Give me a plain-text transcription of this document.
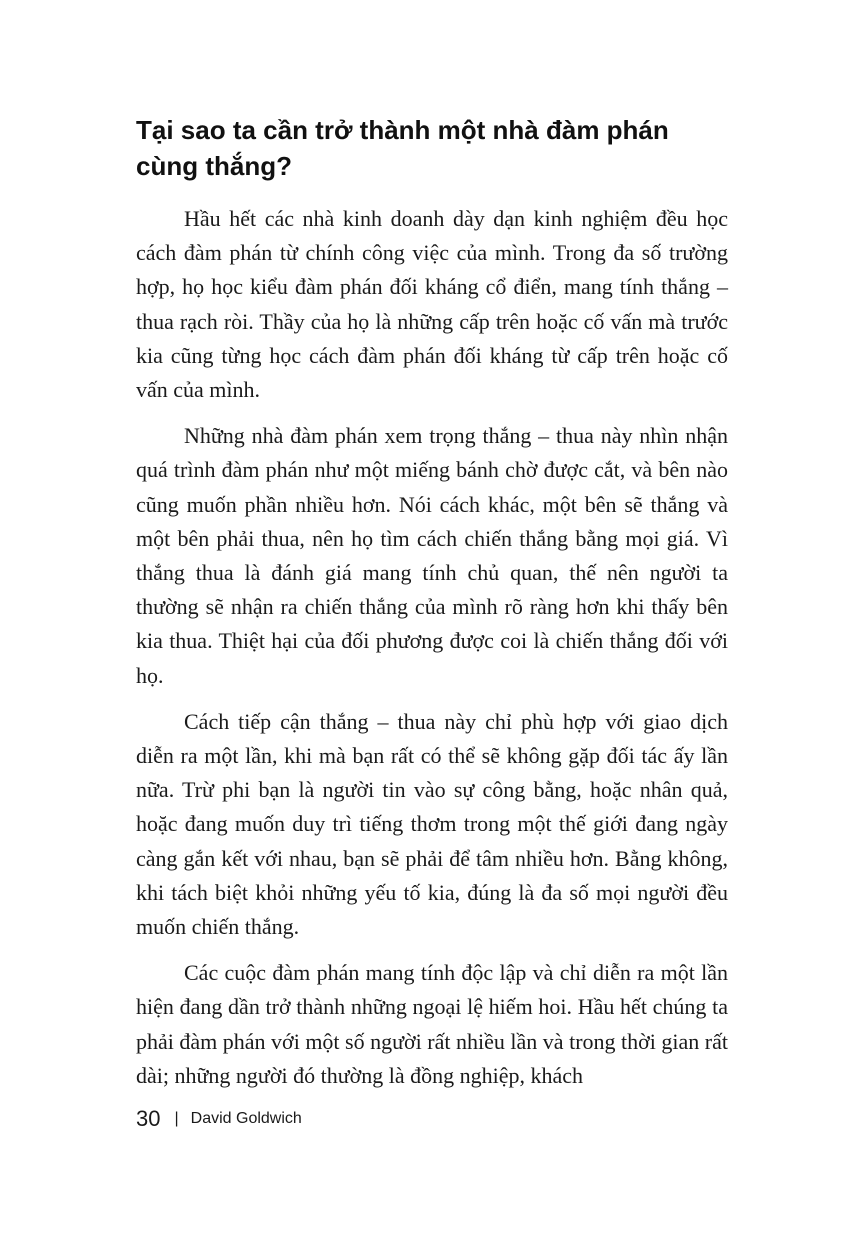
Tại sao ta cần trở thành một nhà đàm phán
cùng thắng?

Hầu hết các nhà kinh doanh dày dạn kinh nghiệm đều học cách đàm phán từ chính công việc của mình. Trong đa số trường hợp, họ học kiểu đàm phán đối kháng cổ điển, mang tính thắng – thua rạch ròi. Thầy của họ là những cấp trên hoặc cố vấn mà trước kia cũng từng học cách đàm phán đối kháng từ cấp trên hoặc cố vấn của mình.

Những nhà đàm phán xem trọng thắng – thua này nhìn nhận quá trình đàm phán như một miếng bánh chờ được cắt, và bên nào cũng muốn phần nhiều hơn. Nói cách khác, một bên sẽ thắng và một bên phải thua, nên họ tìm cách chiến thắng bằng mọi giá. Vì thắng thua là đánh giá mang tính chủ quan, thế nên người ta thường sẽ nhận ra chiến thắng của mình rõ ràng hơn khi thấy bên kia thua. Thiệt hại của đối phương được coi là chiến thắng đối với họ.

Cách tiếp cận thắng – thua này chỉ phù hợp với giao dịch diễn ra một lần, khi mà bạn rất có thể sẽ không gặp đối tác ấy lần nữa. Trừ phi bạn là người tin vào sự công bằng, hoặc nhân quả, hoặc đang muốn duy trì tiếng thơm trong một thế giới đang ngày càng gắn kết với nhau, bạn sẽ phải để tâm nhiều hơn. Bằng không, khi tách biệt khỏi những yếu tố kia, đúng là đa số mọi người đều muốn chiến thắng.

Các cuộc đàm phán mang tính độc lập và chỉ diễn ra một lần hiện đang dần trở thành những ngoại lệ hiếm hoi. Hầu hết chúng ta phải đàm phán với một số người rất nhiều lần và trong thời gian rất dài; những người đó thường là đồng nghiệp, khách

30 | David Goldwich
